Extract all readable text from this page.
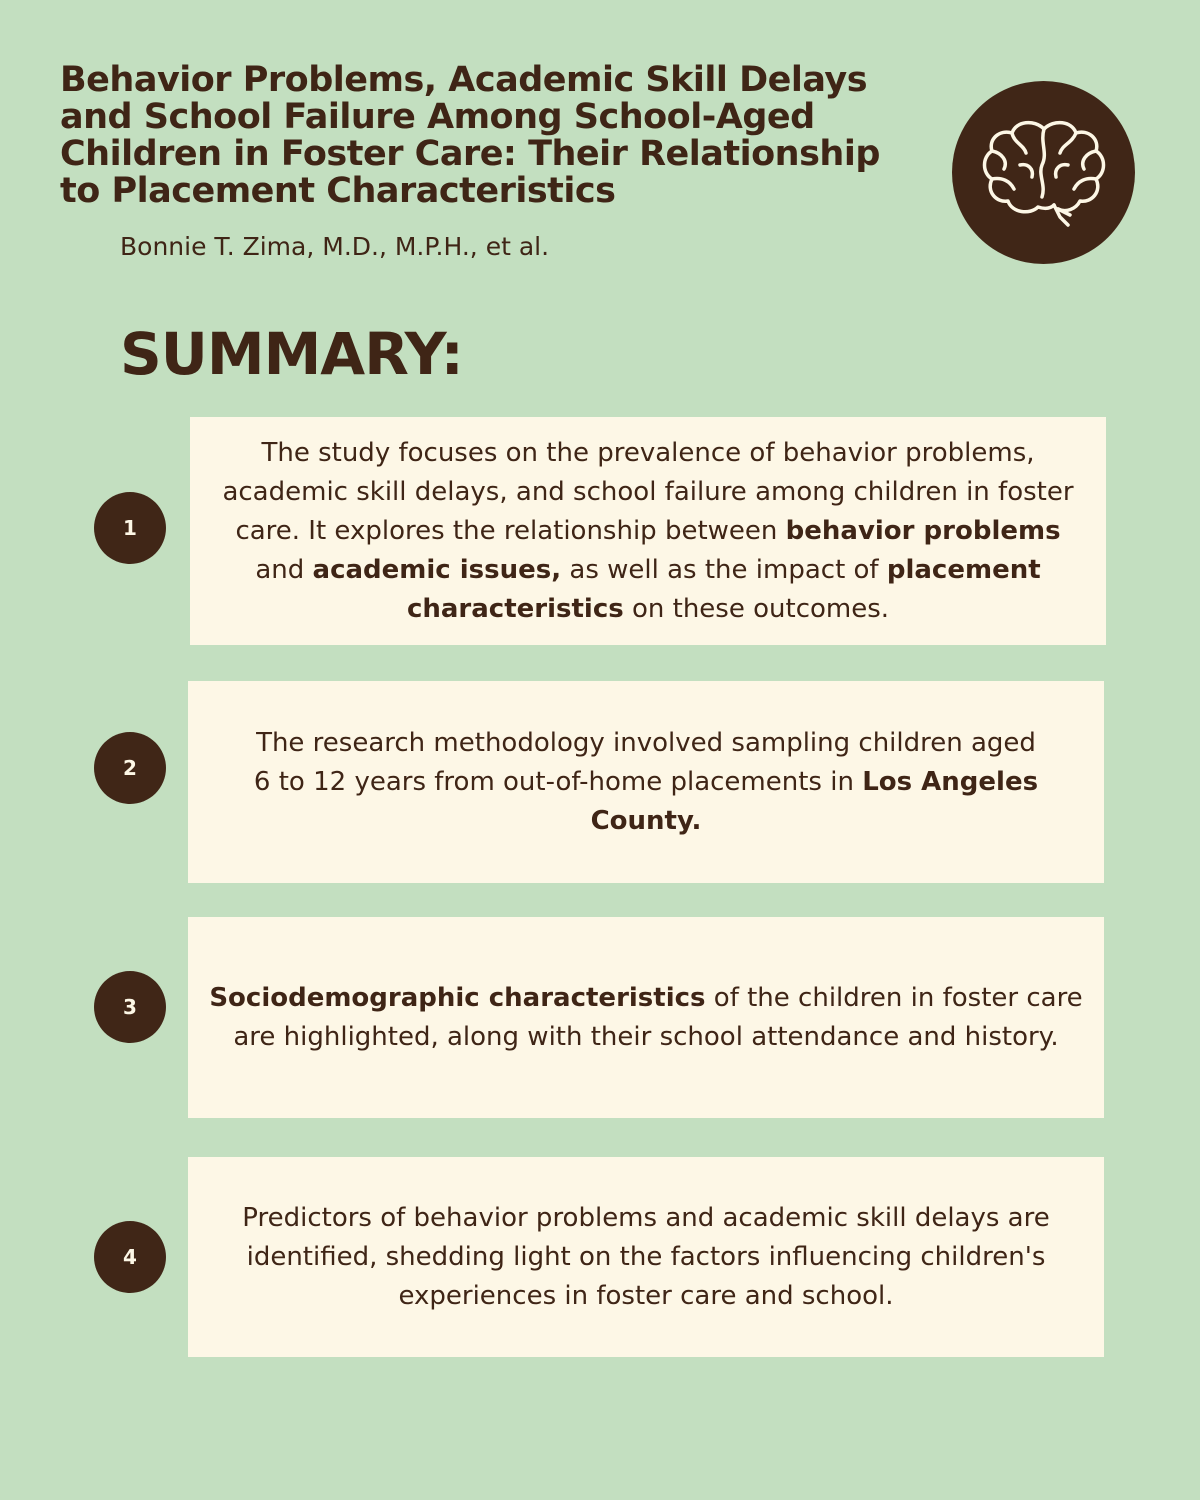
Behavior Problems, Academic Skill Delays and School Failure Among School-Aged Children in Foster Care: Their Relationship to Placement Characteristics
Bonnie T. Zima, M.D., M.P.H., et al.
SUMMARY:
1

The study focuses on the prevalence of behavior problems, academic skill delays, and school failure among children in foster care. It explores the relationship between behavior problems and academic issues, as well as the impact of placement characteristics on these outcomes.

2

The research methodology involved sampling children aged 6 to 12 years from out-of-home placements in Los Angeles County.

3	Sociodemographic characteristics of the children in foster care are highlighted, along with their school attendance and history.

4

Predictors of behavior problems and academic skill delays are identified, shedding light on the factors influencing children's experiences in foster care and school.
